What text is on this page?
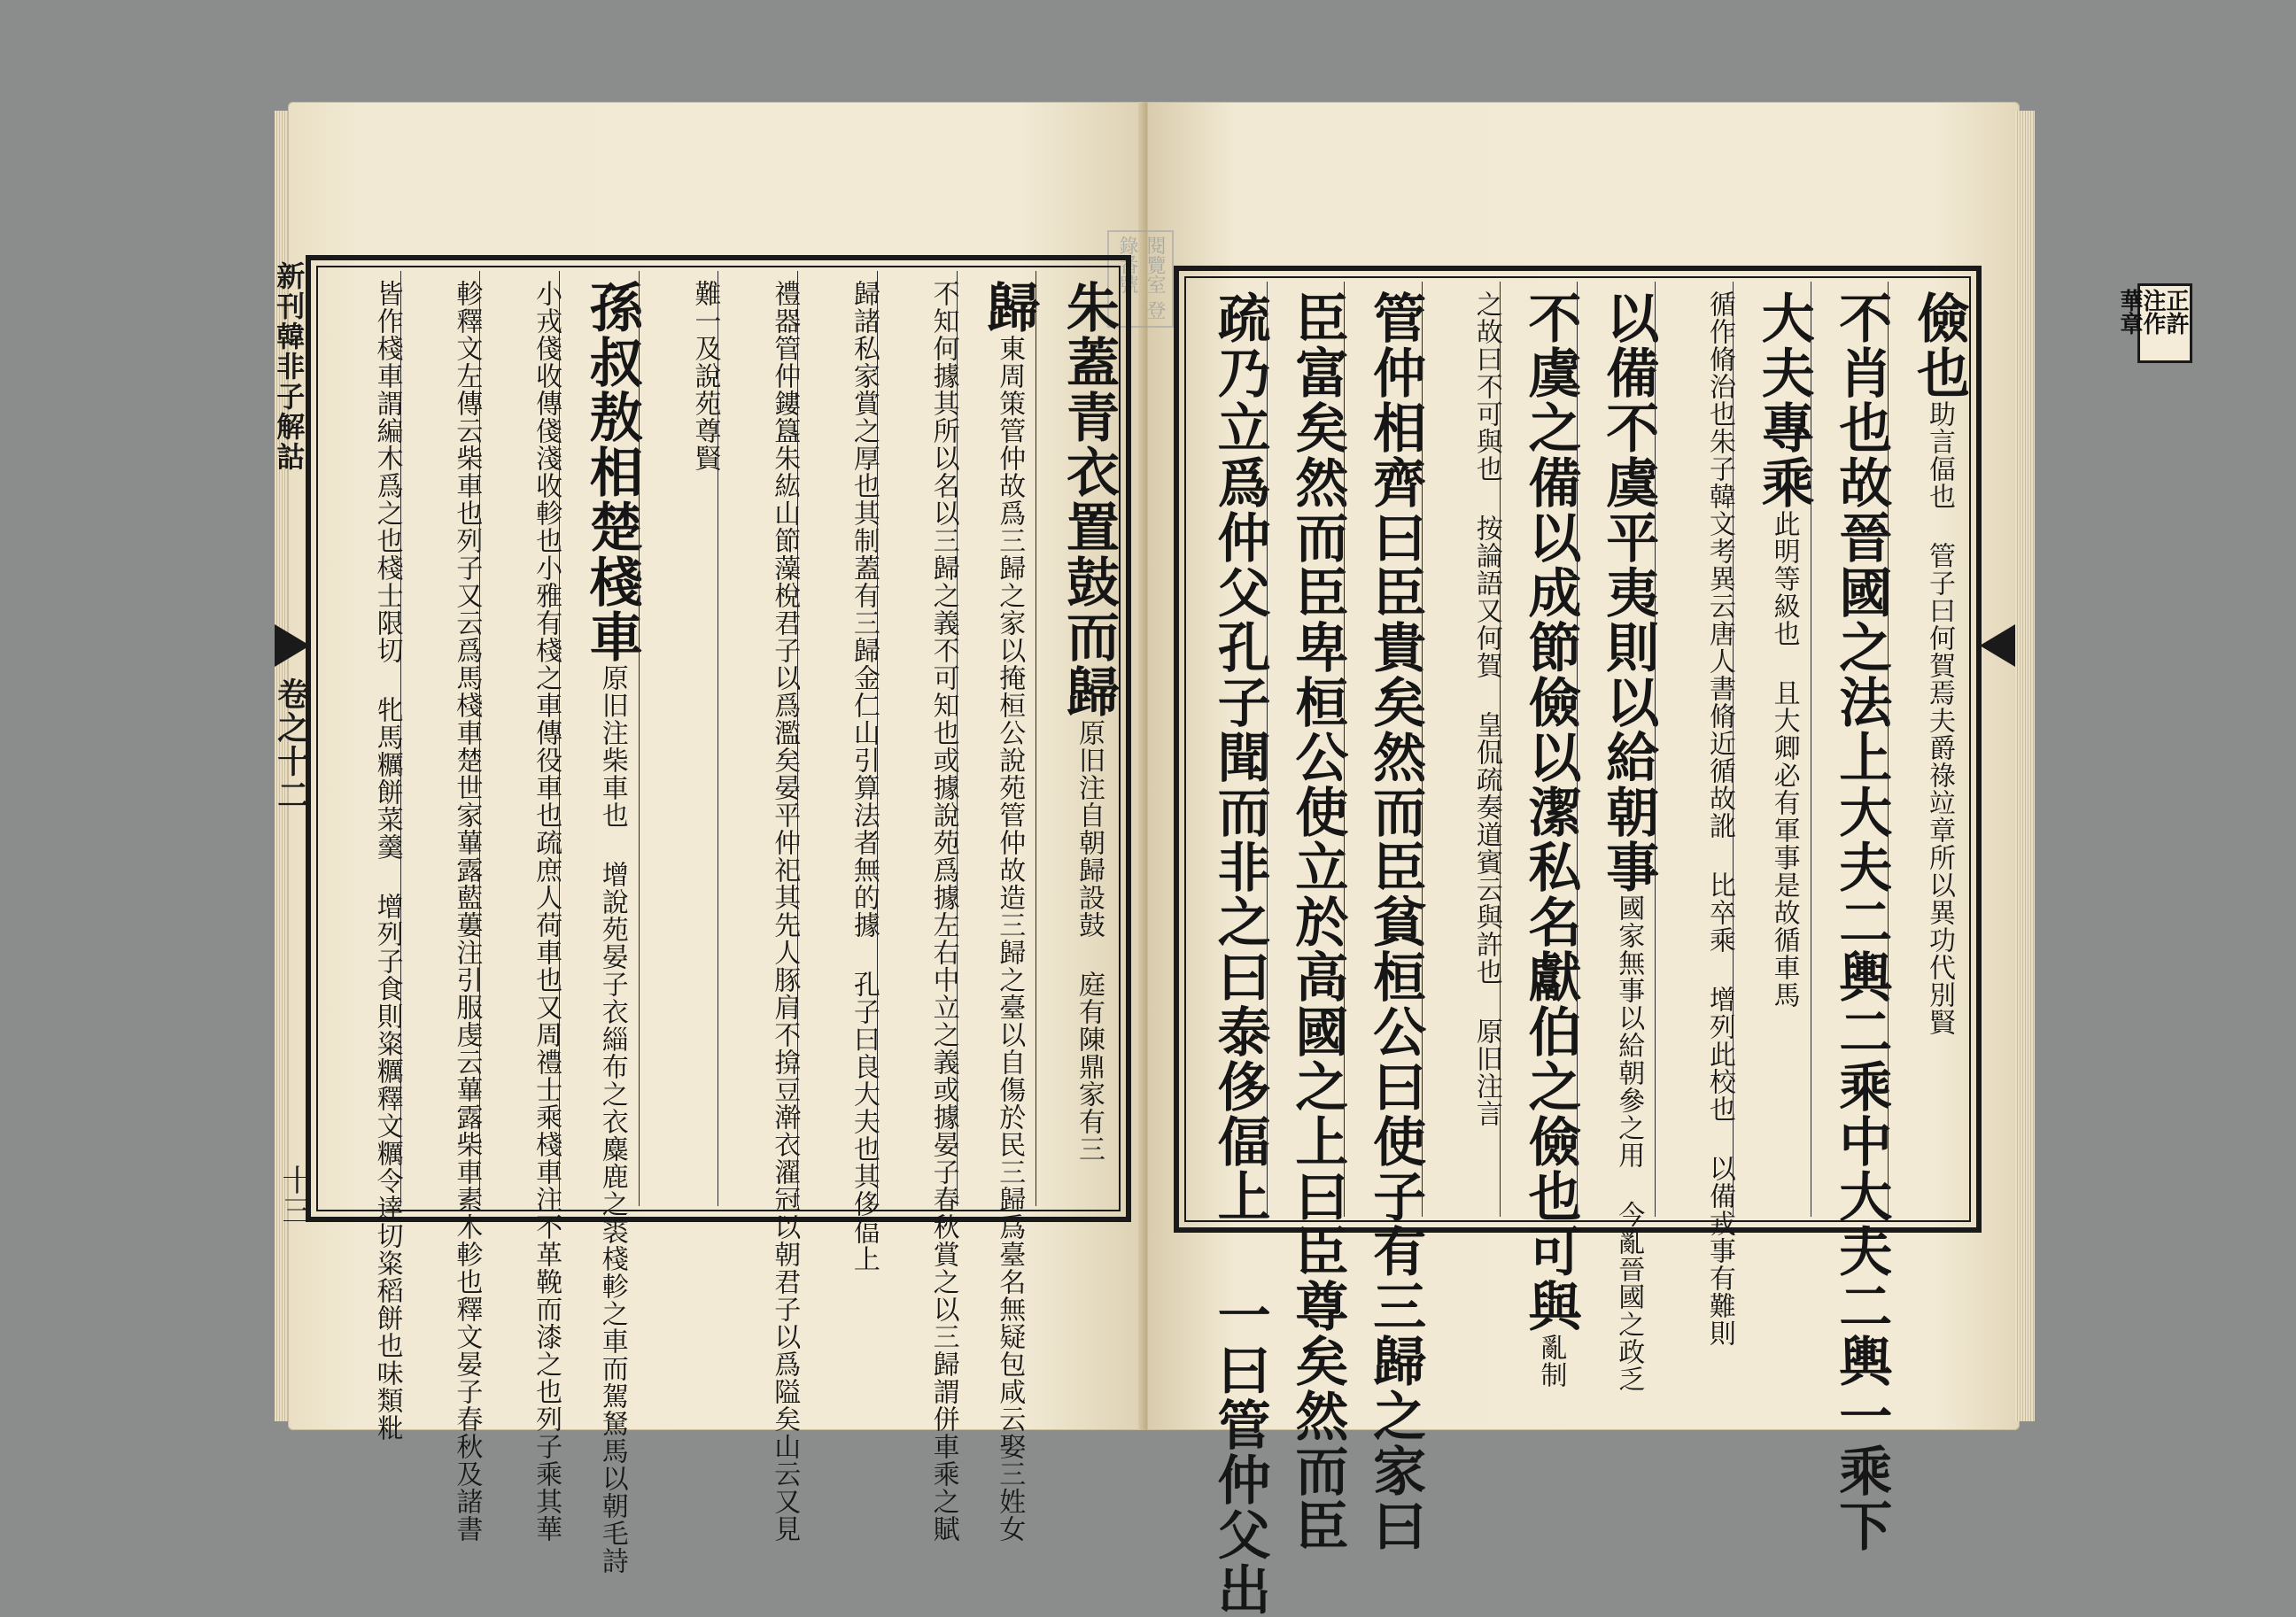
閱覽室 登錄番號
新刊韓非子解詁
卷之十二
十三
朱蓋青衣置鼓而歸原旧注自朝歸設鼓 庭有陳鼎家有三
歸東周策管仲故爲三歸之家以掩桓公說苑管仲故造三歸之臺以自傷於民三歸爲臺名無疑包咸云娶三姓女
不知何據其所以名以三歸之義不可知也或據說苑爲據左右中立之義或據晏子春秋賞之以三歸謂併車乘之賦
歸諸私家賞之厚也其制蓋有三歸金仁山引算法者無的據 孔子曰良大夫也其侈偪上
禮器管仲鏤簋朱紘山節藻梲君子以爲濫矣晏平仲祀其先人豚肩不揜豆澣衣濯冠以朝君子以爲隘矣山云又見
難一及說苑尊賢
孫叔敖相楚棧車原旧注柴車也 增說苑晏子衣緇布之衣麋鹿之裘棧軫之車而駕駑馬以朝毛詩
小戎俴收傳俴淺收軫也小雅有棧之車傳役車也疏庶人荷車也又周禮士乘棧車注不革鞔而漆之也列子乘其華
軫釋文左傳云柴車也列子又云爲馬棧車楚世家蓽露藍蔞注引服虔云蓽露柴車素木軫也釋文晏子春秋及諸書
皆作棧車謂編木爲之也棧士限切 牝馬糲餅菜羹 增列子食則粢糲釋文糲令達切粢稻餅也味類粃	正許 注作 華章
儉也助言偪也 管子曰何賀焉夫爵祿竝章所以異功代別賢
不肖也故晉國之法上大夫二輿二乘中大夫二輿一乘下
大夫專乘此明等級也 且大卿必有軍事是故循車馬
循作脩治也朱子韓文考異云唐人書脩近循故訛 比卒乘 增列此校也 以備戎事有難則
以備不虞平夷則以給朝事國家無事以給朝參之用 今亂晉國之政乏
不虞之備以成節儉以潔私名獻伯之儉也可與亂制
之故曰不可與也 按論語又何賀 皇侃疏奏道賓云與許也 原旧注言
管仲相齊曰臣貴矣然而臣貧桓公曰使子有三歸之家曰
臣富矣然而臣卑桓公使立於高國之上曰臣尊矣然而臣
疏乃立爲仲父孔子聞而非之曰泰侈偪上 一曰管仲父出
